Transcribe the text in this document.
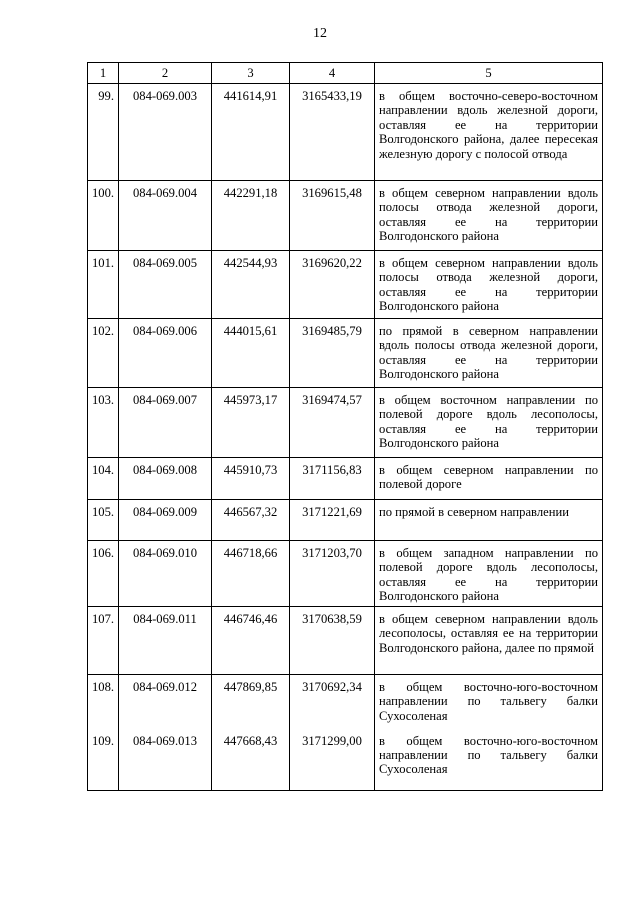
12
1	2	3	4	5
99.	084-069.003	441614,91	3165433,19	в общем восточно-северо-восточном направлении вдоль железной дороги, оставляя ее на территории Волгодонского района, далее пересекая железную дорогу с полосой отвода
100.	084-069.004	442291,18	3169615,48	в общем северном направлении вдоль полосы отвода железной дороги, оставляя ее на территории Волгодонского района
101.	084-069.005	442544,93	3169620,22	в общем северном направлении вдоль полосы отвода железной дороги, оставляя ее на территории Волгодонского района
102.	084-069.006	444015,61	3169485,79	по прямой в северном направлении вдоль полосы отвода железной дороги, оставляя ее на территории Волгодонского района
103.	084-069.007	445973,17	3169474,57	в общем восточном направлении по полевой дороге вдоль лесополосы, оставляя ее на территории Волгодонского района
104.	084-069.008	445910,73	3171156,83	в общем северном направлении по полевой дороге
105.	084-069.009	446567,32	3171221,69	по прямой в северном направлении
106.	084-069.010	446718,66	3171203,70	в общем западном направлении по полевой дороге вдоль лесополосы, оставляя ее на территории Волгодонского района
107.	084-069.011	446746,46	3170638,59	в общем северном направлении вдоль лесополосы, оставляя ее на территории Волгодонского района, далее по прямой
108.	084-069.012	447869,85	3170692,34	в общем восточно-юго-восточном направлении по тальвегу балки Сухосоленая
109.	084-069.013	447668,43	3171299,00	в общем восточно-юго-восточном направлении по тальвегу балки Сухосоленая
